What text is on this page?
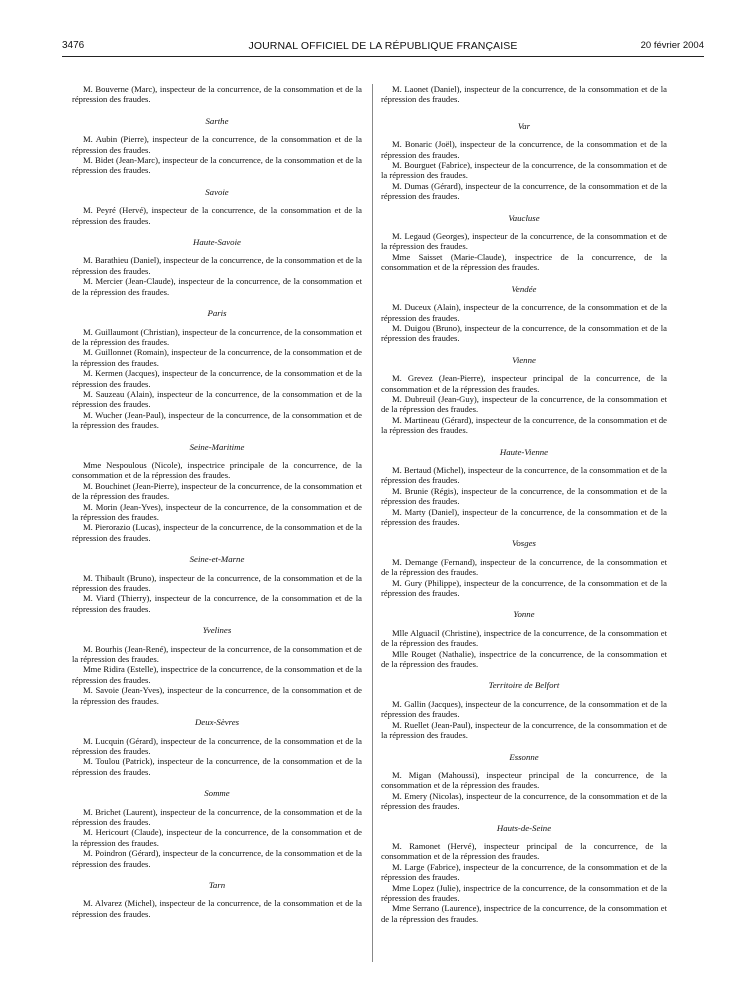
3476	JOURNAL OFFICIEL DE LA RÉPUBLIQUE FRANÇAISE	20 février 2004

M. Bouverne (Marc), inspecteur de la concurrence, de la consommation et de la répression des fraudes.

Sarthe

M. Aubin (Pierre), inspecteur de la concurrence, de la consommation et de la répression des fraudes.

M. Bidet (Jean-Marc), inspecteur de la concurrence, de la consommation et de la répression des fraudes.

Savoie

M. Peyré (Hervé), inspecteur de la concurrence, de la consommation et de la répression des fraudes.

Haute-Savoie

M. Barathieu (Daniel), inspecteur de la concurrence, de la consommation et de la répression des fraudes.

M. Mercier (Jean-Claude), inspecteur de la concurrence, de la consommation et de la répression des fraudes.

Paris

M. Guillaumont (Christian), inspecteur de la concurrence, de la consommation et de la répression des fraudes.

M. Guillonnet (Romain), inspecteur de la concurrence, de la consommation et de la répression des fraudes.

M. Kermen (Jacques), inspecteur de la concurrence, de la consommation et de la répression des fraudes.

M. Sauzeau (Alain), inspecteur de la concurrence, de la consommation et de la répression des fraudes.

M. Wucher (Jean-Paul), inspecteur de la concurrence, de la consommation et de la répression des fraudes.

Seine-Maritime

Mme Nespoulous (Nicole), inspectrice principale de la concurrence, de la consommation et de la répression des fraudes.

M. Bouchinet (Jean-Pierre), inspecteur de la concurrence, de la consommation et de la répression des fraudes.

M. Morin (Jean-Yves), inspecteur de la concurrence, de la consommation et de la répression des fraudes.

M. Pierorazio (Lucas), inspecteur de la concurrence, de la consommation et de la répression des fraudes.

Seine-et-Marne

M. Thibault (Bruno), inspecteur de la concurrence, de la consommation et de la répression des fraudes.

M. Viard (Thierry), inspecteur de la concurrence, de la consommation et de la répression des fraudes.

Yvelines

M. Bourhis (Jean-René), inspecteur de la concurrence, de la consommation et de la répression des fraudes.

Mme Ridira (Estelle), inspectrice de la concurrence, de la consommation et de la répression des fraudes.

M. Savoie (Jean-Yves), inspecteur de la concurrence, de la consommation et de la répression des fraudes.

Deux-Sèvres

M. Lucquin (Gérard), inspecteur de la concurrence, de la consommation et de la répression des fraudes.

M. Toulou (Patrick), inspecteur de la concurrence, de la consommation et de la répression des fraudes.

Somme

M. Brichet (Laurent), inspecteur de la concurrence, de la consommation et de la répression des fraudes.

M. Hericourt (Claude), inspecteur de la concurrence, de la consommation et de la répression des fraudes.

M. Poindron (Gérard), inspecteur de la concurrence, de la consommation et de la répression des fraudes.

Tarn

M. Alvarez (Michel), inspecteur de la concurrence, de la consommation et de la répression des fraudes.

M. Laonet (Daniel), inspecteur de la concurrence, de la consommation et de la répression des fraudes.

Var

M. Bonaric (Joël), inspecteur de la concurrence, de la consommation et de la répression des fraudes.

M. Bourguet (Fabrice), inspecteur de la concurrence, de la consommation et de la répression des fraudes.

M. Dumas (Gérard), inspecteur de la concurrence, de la consommation et de la répression des fraudes.

Vaucluse

M. Legaud (Georges), inspecteur de la concurrence, de la consommation et de la répression des fraudes.

Mme Saisset (Marie-Claude), inspectrice de la concurrence, de la consommation et de la répression des fraudes.

Vendée

M. Duceux (Alain), inspecteur de la concurrence, de la consommation et de la répression des fraudes.

M. Duigou (Bruno), inspecteur de la concurrence, de la consommation et de la répression des fraudes.

Vienne

M. Grevez (Jean-Pierre), inspecteur principal de la concurrence, de la consommation et de la répression des fraudes.

M. Dubreuil (Jean-Guy), inspecteur de la concurrence, de la consommation et de la répression des fraudes.

M. Martineau (Gérard), inspecteur de la concurrence, de la consommation et de la répression des fraudes.

Haute-Vienne

M. Bertaud (Michel), inspecteur de la concurrence, de la consommation et de la répression des fraudes.

M. Brunie (Régis), inspecteur de la concurrence, de la consommation et de la répression des fraudes.

M. Marty (Daniel), inspecteur de la concurrence, de la consommation et de la répression des fraudes.

Vosges

M. Demange (Fernand), inspecteur de la concurrence, de la consommation et de la répression des fraudes.

M. Gury (Philippe), inspecteur de la concurrence, de la consommation et de la répression des fraudes.

Yonne

Mlle Alguacil (Christine), inspectrice de la concurrence, de la consommation et de la répression des fraudes.

Mlle Rouget (Nathalie), inspectrice de la concurrence, de la consommation et de la répression des fraudes.

Territoire de Belfort

M. Gallin (Jacques), inspecteur de la concurrence, de la consommation et de la répression des fraudes.

M. Ruellet (Jean-Paul), inspecteur de la concurrence, de la consommation et de la répression des fraudes.

Essonne

M. Migan (Mahoussi), inspecteur principal de la concurrence, de la consommation et de la répression des fraudes.

M. Emery (Nicolas), inspecteur de la concurrence, de la consommation et de la répression des fraudes.

Hauts-de-Seine

M. Ramonet (Hervé), inspecteur principal de la concurrence, de la consommation et de la répression des fraudes.

M. Large (Fabrice), inspecteur de la concurrence, de la consommation et de la répression des fraudes.

Mme Lopez (Julie), inspectrice de la concurrence, de la consommation et de la répression des fraudes.

Mme Serrano (Laurence), inspectrice de la concurrence, de la consommation et de la répression des fraudes.
